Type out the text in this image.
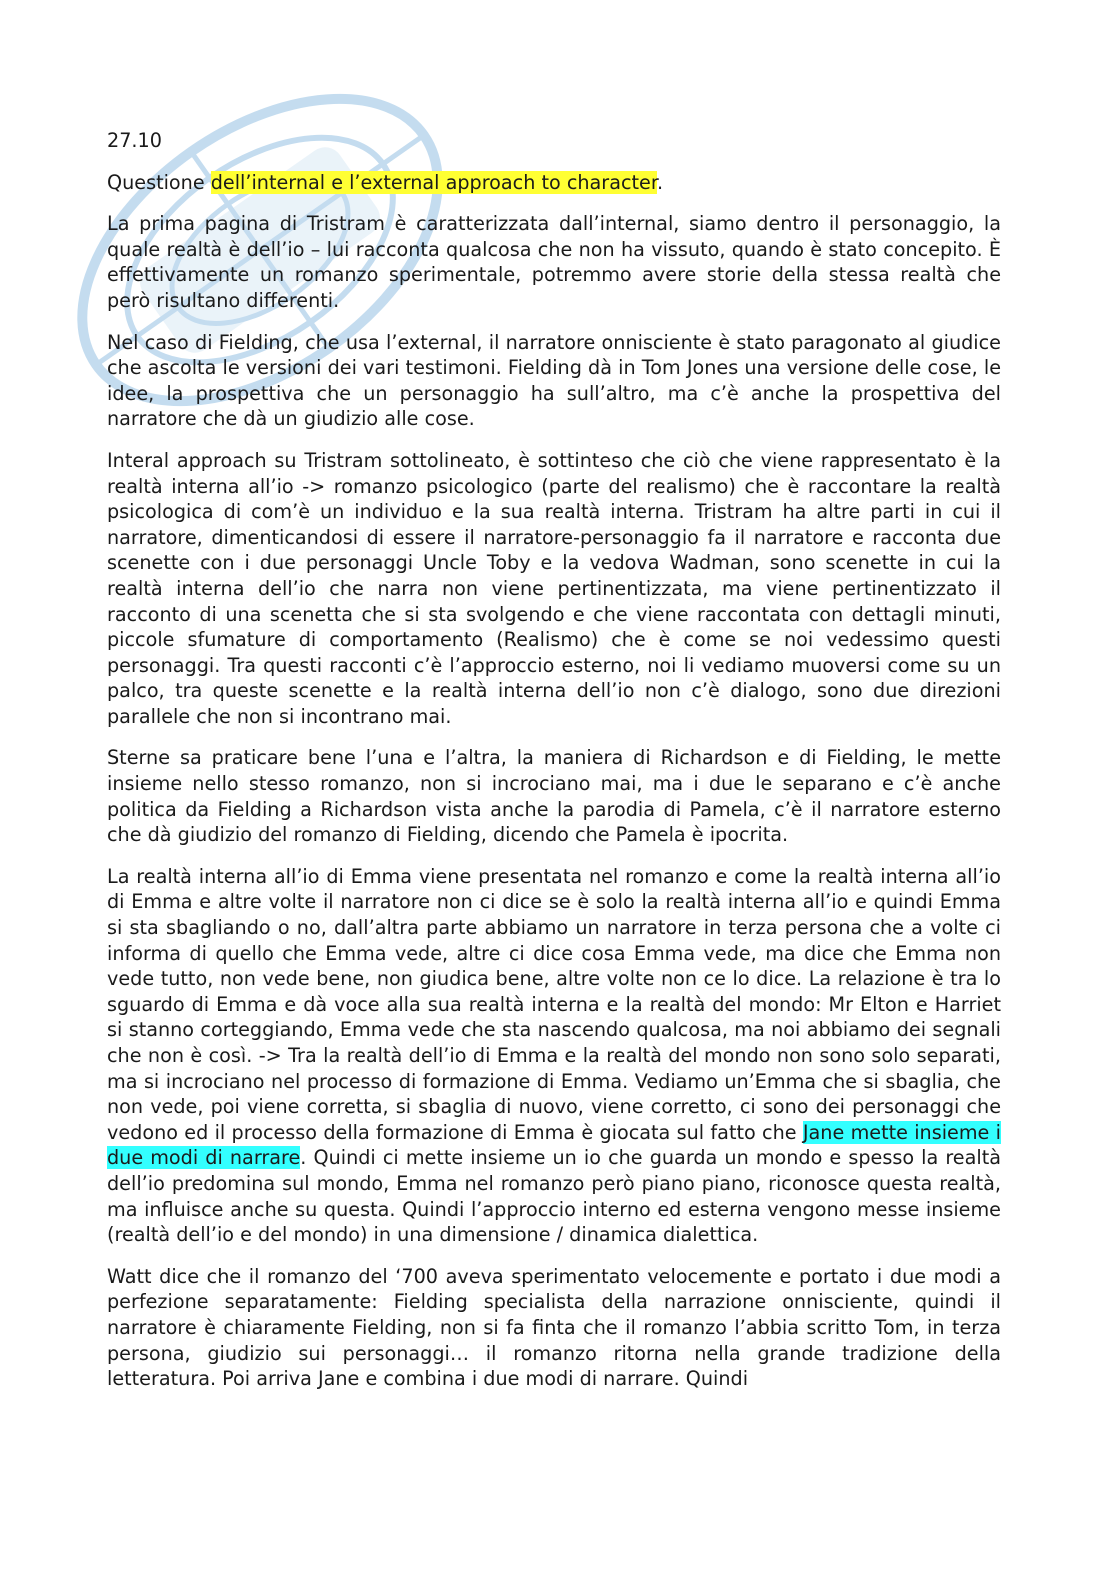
27.10

Questione dell’internal e l’external approach to character.

La prima pagina di Tristram è caratterizzata dall’internal, siamo dentro il personaggio, la quale realtà è dell’io – lui racconta qualcosa che non ha vissuto, quando è stato concepito. È effettivamente un romanzo sperimentale, potremmo avere storie della stessa realtà che però risultano differenti.

Nel caso di Fielding, che usa l’external, il narratore onnisciente è stato paragonato al giudice che ascolta le versioni dei vari testimoni. Fielding dà in Tom Jones una versione delle cose, le idee, la prospettiva che un personaggio ha sull’altro, ma c’è anche la prospettiva del narratore che dà un giudizio alle cose.

Interal approach su Tristram sottolineato, è sottinteso che ciò che viene rappresentato è la realtà interna all’io -> romanzo psicologico (parte del realismo) che è raccontare la realtà psicologica di com’è un individuo e la sua realtà interna. Tristram ha altre parti in cui il narratore, dimenticandosi di essere il narratore-personaggio fa il narratore e racconta due scenette con i due personaggi Uncle Toby e la vedova Wadman, sono scenette in cui la realtà interna dell’io che narra non viene pertinentizzata, ma viene pertinentizzato il racconto di una scenetta che si sta svolgendo e che viene raccontata con dettagli minuti, piccole sfumature di comportamento (Realismo) che è come se noi vedessimo questi personaggi. Tra questi racconti c’è l’approccio esterno, noi li vediamo muoversi come su un palco, tra queste scenette e la realtà interna dell’io non c’è dialogo, sono due direzioni parallele che non si incontrano mai.

Sterne sa praticare bene l’una e l’altra, la maniera di Richardson e di Fielding, le mette insieme nello stesso romanzo, non si incrociano mai, ma i due le separano e c’è anche politica da Fielding a Richardson vista anche la parodia di Pamela, c’è il narratore esterno che dà giudizio del romanzo di Fielding, dicendo che Pamela è ipocrita.

La realtà interna all’io di Emma viene presentata nel romanzo e come la realtà interna all’io di Emma e altre volte il narratore non ci dice se è solo la realtà interna all’io e quindi Emma si sta sbagliando o no, dall’altra parte abbiamo un narratore in terza persona che a volte ci informa di quello che Emma vede, altre ci dice cosa Emma vede, ma dice che Emma non vede tutto, non vede bene, non giudica bene, altre volte non ce lo dice. La relazione è tra lo sguardo di Emma e dà voce alla sua realtà interna e la realtà del mondo: Mr Elton e Harriet si stanno corteggiando, Emma vede che sta nascendo qualcosa, ma noi abbiamo dei segnali che non è così. -> Tra la realtà dell’io di Emma e la realtà del mondo non sono solo separati, ma si incrociano nel processo di formazione di Emma. Vediamo un’Emma che si sbaglia, che non vede, poi viene corretta, si sbaglia di nuovo, viene corretto, ci sono dei personaggi che vedono ed il processo della formazione di Emma è giocata sul fatto che Jane mette insieme i due modi di narrare. Quindi ci mette insieme un io che guarda un mondo e spesso la realtà dell’io predomina sul mondo, Emma nel romanzo però piano piano, riconosce questa realtà, ma influisce anche su questa. Quindi l’approccio interno ed esterna vengono messe insieme (realtà dell’io e del mondo) in una dimensione / dinamica dialettica.

Watt dice che il romanzo del ‘700 aveva sperimentato velocemente e portato i due modi a perfezione separatamente: Fielding specialista della narrazione onnisciente, quindi il narratore è chiaramente Fielding, non si fa finta che il romanzo l’abbia scritto Tom, in terza persona, giudizio sui personaggi… il romanzo ritorna nella grande tradizione della letteratura. Poi arriva Jane e combina i due modi di narrare. Quindi
